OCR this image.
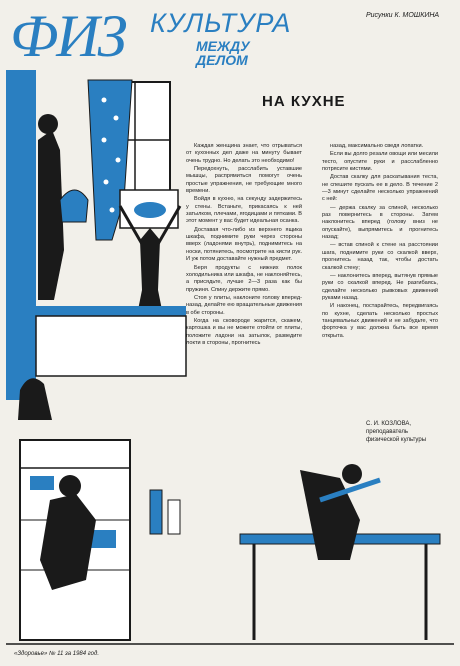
ФИЗ КУЛЬТУРА
МЕЖДУ
ДЕЛОМ
Рисунки К. МОШКИНА
НА КУХНЕ

Каждая женщина знает, что отрываться от кухонных дел даже на минуту бывает очень трудно. Но делать это необходимо!

Передохнуть, расслабить уставшие мышцы, распрямиться помогут очень простые упражнения, не требующие много времени.

Войдя в кухню, на секунду задержитесь у стены. Встаньте, прикасаясь к ней затылком, плечами, ягодицами и пятками. В этот момент у вас будет идеальная осанка.

Доставая что-либо из верхнего ящика шкафа, поднимите руки через стороны вверх (ладонями внутрь), поднимитесь на носки, потянитесь, посмотрите на кисти рук. И уж потом доставайте нужный предмет.

Беря продукты с нижних полок холодильника или шкафа, не наклоняйтесь, а присядьте, лучше 2—3 раза как бы пружиня. Спину держите прямо.

Стоя у плиты, наклоните голову вперед-назад, делайте ею вращательные движения в обе стороны.

Когда на сковороде жарится, скажем, картошка и вы не можете отойти от плиты, положите ладони на затылок, разведите локти в стороны, прогнитесь

назад, максимально сведя лопатки.

Если вы долго резали овощи или месили тесто, опустите руки и расслабленно потрясите кистями.

Достав скалку для раскатывания теста, не спешите пускать ее в дело. В течение 2—3 минут сделайте несколько упражнений с ней:

— держа скалку за спиной, несколько раз повернитесь в стороны. Затем наклонитесь вперед (голову вниз не опускайте), выпрямитесь и прогнитесь назад;

— встав спиной к стене на расстоянии шага, поднимите руки со скалкой вверх, прогнитесь назад так, чтобы достать скалкой стену;

— наклонитесь вперед, вытянув прямые руки со скалкой вперед. Не разгибаясь, сделайте несколько рывковых движений руками назад.

И наконец, постарайтесь, передвигаясь по кухне, сделать несколько простых танцевальных движений и не забудьте, что форточка у вас должна быть все время открыта.

С. И. КОЗЛОВА,
преподаватель
физической культуры
«Здоровье» № 11 за 1984 год.
